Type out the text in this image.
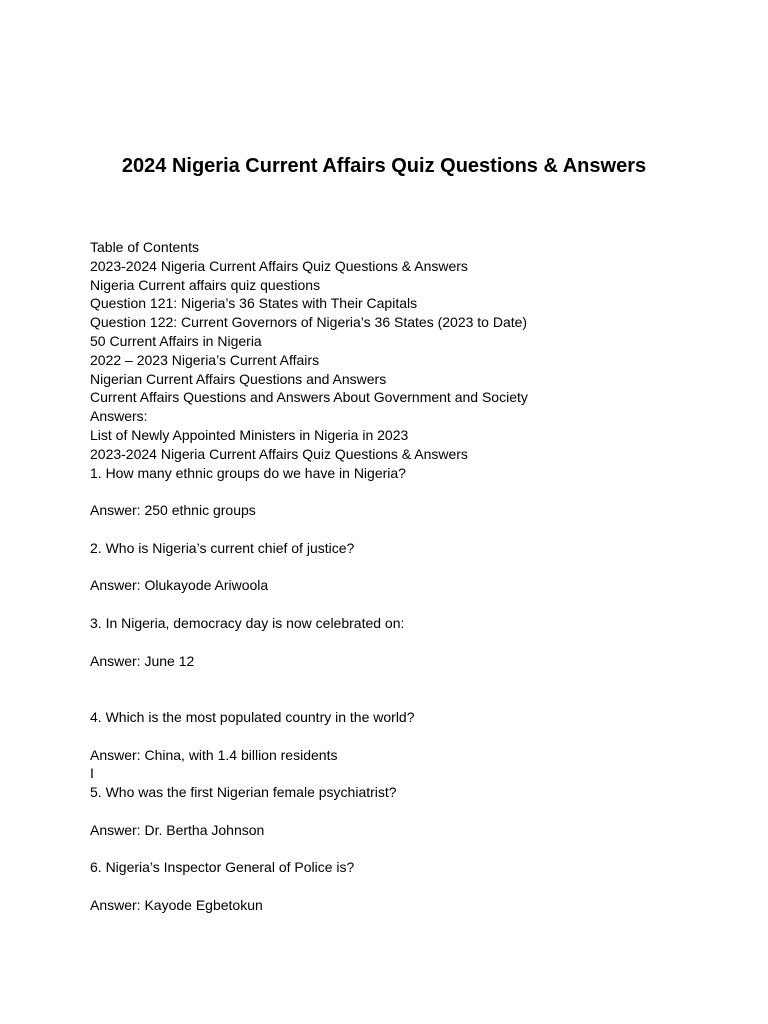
2024 Nigeria Current Affairs Quiz Questions & Answers
Table of Contents
2023-2024 Nigeria Current Affairs Quiz Questions & Answers
Nigeria Current affairs quiz questions
Question 121: Nigeria’s 36 States with Their Capitals
Question 122: Current Governors of Nigeria’s 36 States (2023 to Date)
50 Current Affairs in Nigeria
2022 – 2023 Nigeria’s Current Affairs
Nigerian Current Affairs Questions and Answers
Current Affairs Questions and Answers About Government and Society
Answers:
List of Newly Appointed Ministers in Nigeria in 2023
2023-2024 Nigeria Current Affairs Quiz Questions & Answers
1. How many ethnic groups do we have in Nigeria?
Answer: 250 ethnic groups
2. Who is Nigeria’s current chief of justice?
Answer: Olukayode Ariwoola
3. In Nigeria, democracy day is now celebrated on:
Answer: June 12
4. Which is the most populated country in the world?
Answer: China, with 1.4 billion residents
I
5. Who was the first Nigerian female psychiatrist?
Answer: Dr. Bertha Johnson
6. Nigeria’s Inspector General of Police is?
Answer: Kayode Egbetokun
